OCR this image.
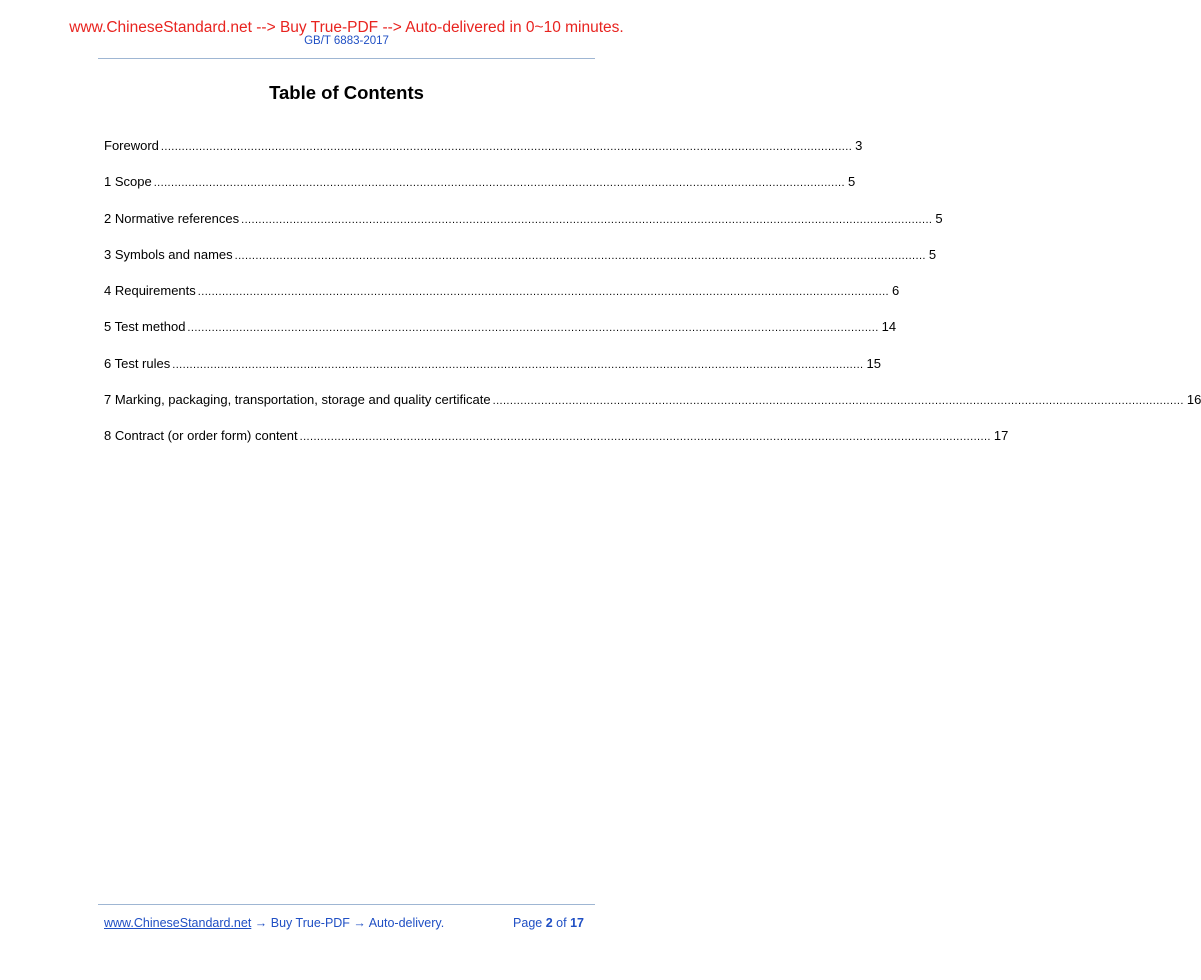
www.ChineseStandard.net --> Buy True-PDF --> Auto-delivered in 0~10 minutes.
GB/T 6883-2017
Table of Contents
Foreword ........................................................................................................................................................................................................ 3
1 Scope ........................................................................................................................................................................................................ 5
2 Normative references ........................................................................................................................................................................................................ 5
3 Symbols and names ........................................................................................................................................................................................................ 5
4 Requirements ........................................................................................................................................................................................................ 6
5 Test method ........................................................................................................................................................................................................ 14
6 Test rules ........................................................................................................................................................................................................ 15
7 Marking, packaging, transportation, storage and quality certificate ........................................................................................................................................................................................................ 16
8 Contract (or order form) content ........................................................................................................................................................................................................ 17
www.ChineseStandard.net → Buy True-PDF → Auto-delivery.	Page 2 of 17
